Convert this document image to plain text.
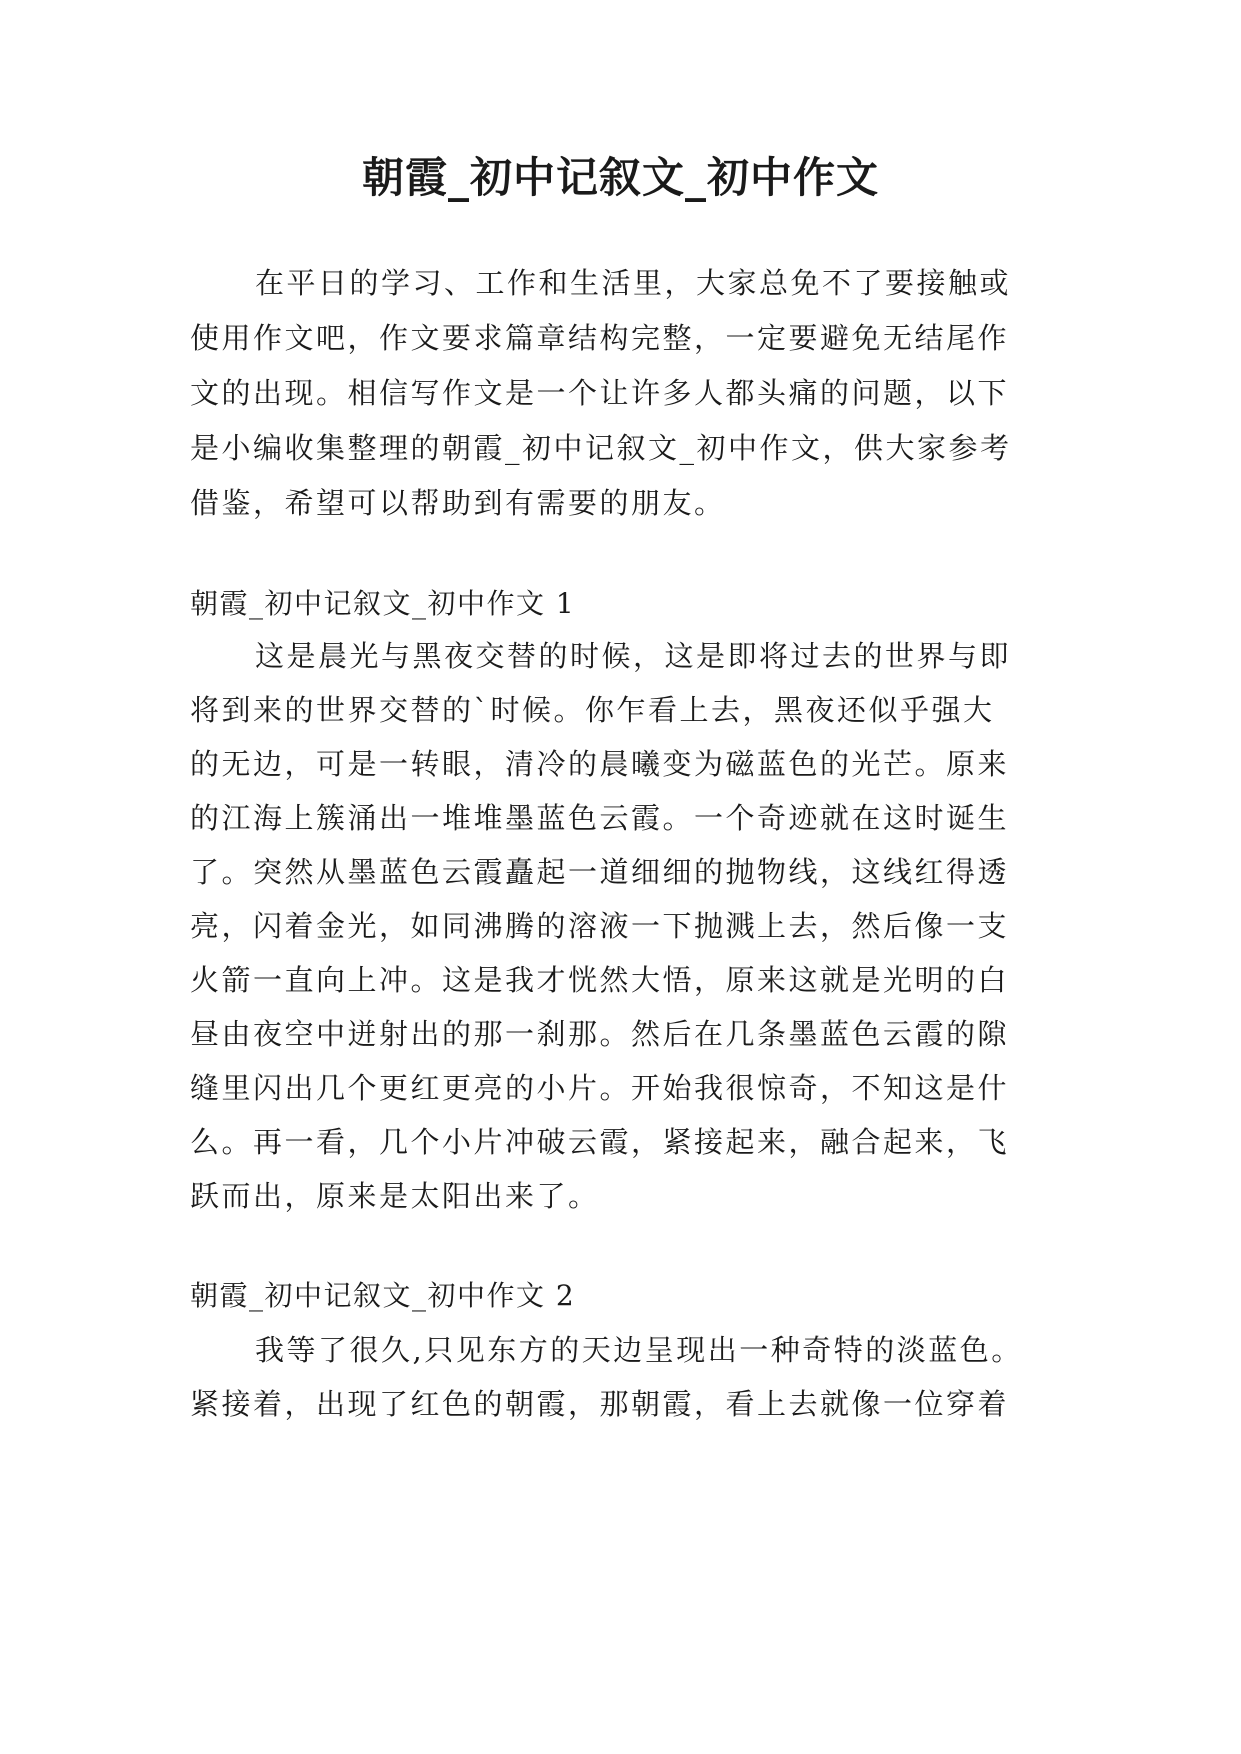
朝霞_初中记叙文_初中作文
在平日的学习、工作和生活里，大家总免不了要接触或
使用作文吧，作文要求篇章结构完整，一定要避免无结尾作
文的出现。相信写作文是一个让许多人都头痛的问题，以下
是小编收集整理的朝霞_初中记叙文_初中作文，供大家参考
借鉴，希望可以帮助到有需要的朋友。
朝霞_初中记叙文_初中作文 1
这是晨光与黑夜交替的时候，这是即将过去的世界与即
将到来的世界交替的`时候。你乍看上去，黑夜还似乎强大
的无边，可是一转眼，清冷的晨曦变为磁蓝色的光芒。原来
的江海上簇涌出一堆堆墨蓝色云霞。一个奇迹就在这时诞生
了。突然从墨蓝色云霞矗起一道细细的抛物线，这线红得透
亮，闪着金光，如同沸腾的溶液一下抛溅上去，然后像一支
火箭一直向上冲。这是我才恍然大悟，原来这就是光明的白
昼由夜空中迸射出的那一刹那。然后在几条墨蓝色云霞的隙
缝里闪出几个更红更亮的小片。开始我很惊奇，不知这是什
么。再一看，几个小片冲破云霞，紧接起来，融合起来，飞
跃而出，原来是太阳出来了。
朝霞_初中记叙文_初中作文 2
我等了很久,只见东方的天边呈现出一种奇特的淡蓝色。
紧接着，出现了红色的朝霞，那朝霞，看上去就像一位穿着
